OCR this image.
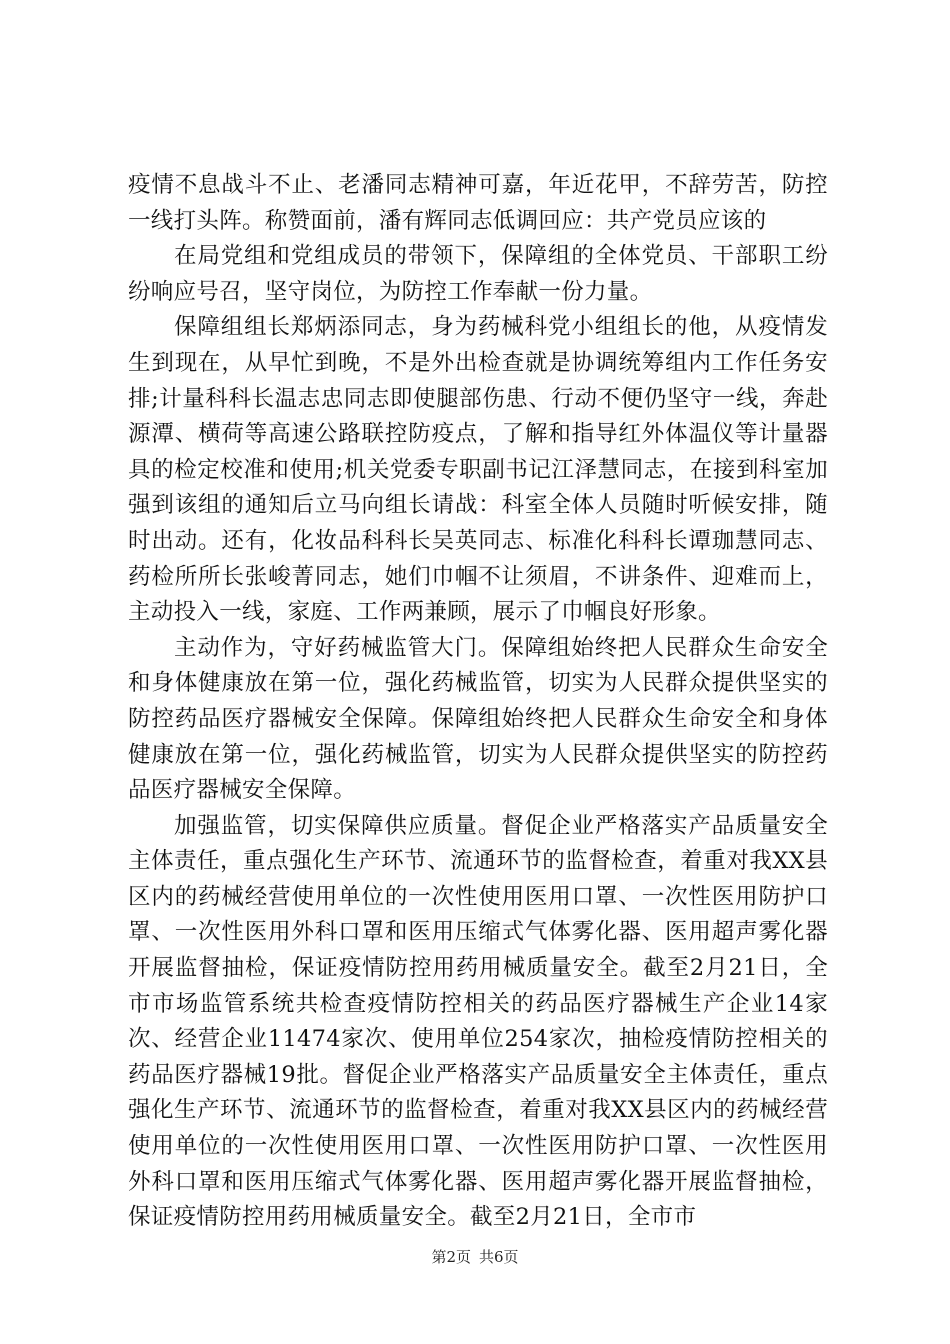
疫情不息战斗不止、老潘同志精神可嘉，年近花甲，不辞劳苦，防控一线打头阵。称赞面前，潘有辉同志低调回应：共产党员应该的

在局党组和党组成员的带领下，保障组的全体党员、干部职工纷纷响应号召，坚守岗位，为防控工作奉献一份力量。

保障组组长郑炳添同志，身为药械科党小组组长的他，从疫情发生到现在，从早忙到晚，不是外出检查就是协调统筹组内工作任务安排;计量科科长温志忠同志即使腿部伤患、行动不便仍坚守一线，奔赴源潭、横荷等高速公路联控防疫点，了解和指导红外体温仪等计量器具的检定校准和使用;机关党委专职副书记江泽慧同志，在接到科室加强到该组的通知后立马向组长请战：科室全体人员随时听候安排，随时出动。还有，化妆品科科长吴英同志、标准化科科长谭珈慧同志、药检所所长张峻菁同志，她们巾帼不让须眉，不讲条件、迎难而上，主动投入一线，家庭、工作两兼顾，展示了巾帼良好形象。

主动作为，守好药械监管大门。保障组始终把人民群众生命安全和身体健康放在第一位，强化药械监管，切实为人民群众提供坚实的防控药品医疗器械安全保障。保障组始终把人民群众生命安全和身体健康放在第一位，强化药械监管，切实为人民群众提供坚实的防控药品医疗器械安全保障。

加强监管，切实保障供应质量。督促企业严格落实产品质量安全主体责任，重点强化生产环节、流通环节的监督检查，着重对我XX县区内的药械经营使用单位的一次性使用医用口罩、一次性医用防护口罩、一次性医用外科口罩和医用压缩式气体雾化器、医用超声雾化器开展监督抽检，保证疫情防控用药用械质量安全。截至2月21日，全市市场监管系统共检查疫情防控相关的药品医疗器械生产企业14家次、经营企业11474家次、使用单位254家次，抽检疫情防控相关的药品医疗器械19批。督促企业严格落实产品质量安全主体责任，重点强化生产环节、流通环节的监督检查，着重对我XX县区内的药械经营使用单位的一次性使用医用口罩、一次性医用防护口罩、一次性医用外科口罩和医用压缩式气体雾化器、医用超声雾化器开展监督抽检，保证疫情防控用药用械质量安全。截至2月21日，全市市

第2页 共6页
